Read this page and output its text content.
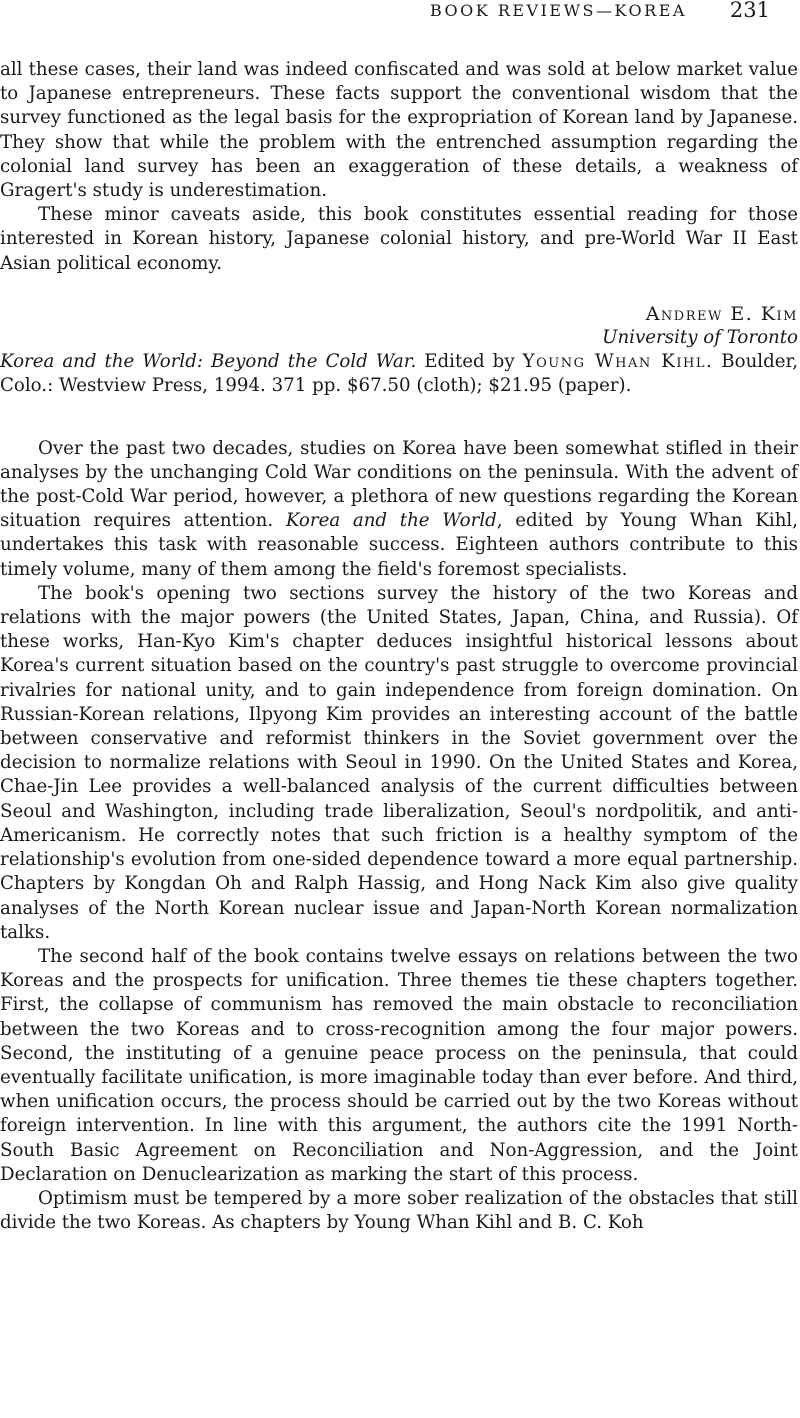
BOOK REVIEWS—KOREA 231

all these cases, their land was indeed confiscated and was sold at below market value to Japanese entrepreneurs. These facts support the conventional wisdom that the survey functioned as the legal basis for the expropriation of Korean land by Japanese. They show that while the problem with the entrenched assumption regarding the colonial land survey has been an exaggeration of these details, a weakness of Gragert's study is underestimation.

These minor caveats aside, this book constitutes essential reading for those interested in Korean history, Japanese colonial history, and pre-World War II East Asian political economy.

Andrew E. Kim
University of Toronto

Korea and the World: Beyond the Cold War. Edited by Young Whan Kihl. Boulder, Colo.: Westview Press, 1994. 371 pp. $67.50 (cloth); $21.95 (paper).

Over the past two decades, studies on Korea have been somewhat stifled in their analyses by the unchanging Cold War conditions on the peninsula. With the advent of the post-Cold War period, however, a plethora of new questions regarding the Korean situation requires attention. Korea and the World, edited by Young Whan Kihl, undertakes this task with reasonable success. Eighteen authors contribute to this timely volume, many of them among the field's foremost specialists.

The book's opening two sections survey the history of the two Koreas and relations with the major powers (the United States, Japan, China, and Russia). Of these works, Han-Kyo Kim's chapter deduces insightful historical lessons about Korea's current situation based on the country's past struggle to overcome provincial rivalries for national unity, and to gain independence from foreign domination. On Russian-Korean relations, Ilpyong Kim provides an interesting account of the battle between conservative and reformist thinkers in the Soviet government over the decision to normalize relations with Seoul in 1990. On the United States and Korea, Chae-Jin Lee provides a well-balanced analysis of the current difficulties between Seoul and Washington, including trade liberalization, Seoul's nordpolitik, and anti-Americanism. He correctly notes that such friction is a healthy symptom of the relationship's evolution from one-sided dependence toward a more equal partnership. Chapters by Kongdan Oh and Ralph Hassig, and Hong Nack Kim also give quality analyses of the North Korean nuclear issue and Japan-North Korean normalization talks.

The second half of the book contains twelve essays on relations between the two Koreas and the prospects for unification. Three themes tie these chapters together. First, the collapse of communism has removed the main obstacle to reconciliation between the two Koreas and to cross-recognition among the four major powers. Second, the instituting of a genuine peace process on the peninsula, that could eventually facilitate unification, is more imaginable today than ever before. And third, when unification occurs, the process should be carried out by the two Koreas without foreign intervention. In line with this argument, the authors cite the 1991 North-South Basic Agreement on Reconciliation and Non-Aggression, and the Joint Declaration on Denuclearization as marking the start of this process.

Optimism must be tempered by a more sober realization of the obstacles that still divide the two Koreas. As chapters by Young Whan Kihl and B. C. Koh
